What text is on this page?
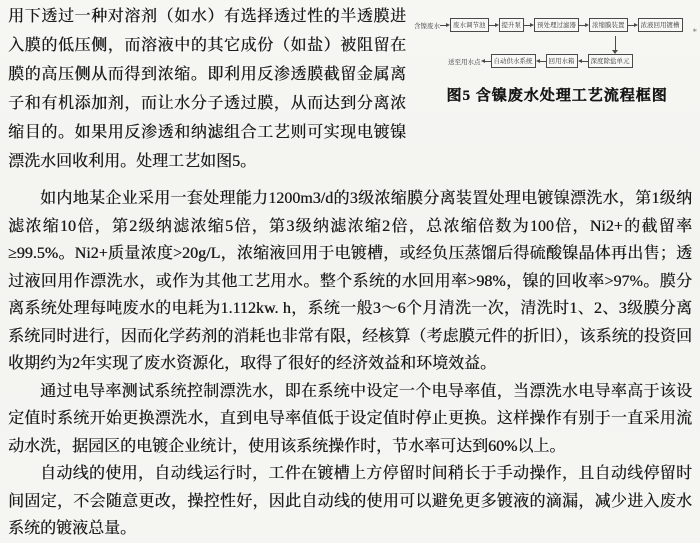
用下透过一种对溶剂（如水）有选择透过性的半透膜进入膜的低压侧，而溶液中的其它成份（如盐）被阻留在膜的高压侧从而得到浓缩。即利用反渗透膜截留金属离子和有机添加剂，而让水分子透过膜，从而达到分离浓缩目的。如果用反渗透和纳滤组合工艺则可实现电镀镍漂洗水回收利用。处理工艺如图5。
含镍废水	废水调节池	提升泵	预处理过滤器	浓缩膜装置	浓液回用镀槽
送至用水点	自动供水系统	回用水箱	深度除盐单元
图5 含镍废水处理工艺流程框图

如内地某企业采用一套处理能力1200m3/d的3级浓缩膜分离装置处理电镀镍漂洗水，第1级纳滤浓缩10倍，第2级纳滤浓缩5倍，第3级纳滤浓缩2倍，总浓缩倍数为100倍，Ni2+的截留率≥99.5%。Ni2+质量浓度>20g/L，浓缩液回用于电镀槽，或经负压蒸馏后得硫酸镍晶体再出售；透过液回用作漂洗水，或作为其他工艺用水。整个系统的水回用率>98%，镍的回收率>97%。膜分离系统处理每吨废水的电耗为1.112kw. h，系统一般3～6个月清洗一次，清洗时1、2、3级膜分离系统同时进行，因而化学药剂的消耗也非常有限，经核算（考虑膜元件的折旧），该系统的投资回收期约为2年实现了废水资源化，取得了很好的经济效益和环境效益。

通过电导率测试系统控制漂洗水，即在系统中设定一个电导率值，当漂洗水电导率高于该设定值时系统开始更换漂洗水，直到电导率值低于设定值时停止更换。这样操作有别于一直采用流动水洗，据园区的电镀企业统计，使用该系统操作时，节水率可达到60%以上。

自动线的使用，自动线运行时，工件在镀槽上方停留时间稍长于手动操作，且自动线停留时间固定，不会随意更改，操控性好，因此自动线的使用可以避免更多镀液的滴漏，减少进入废水系统的镀液总量。

*
